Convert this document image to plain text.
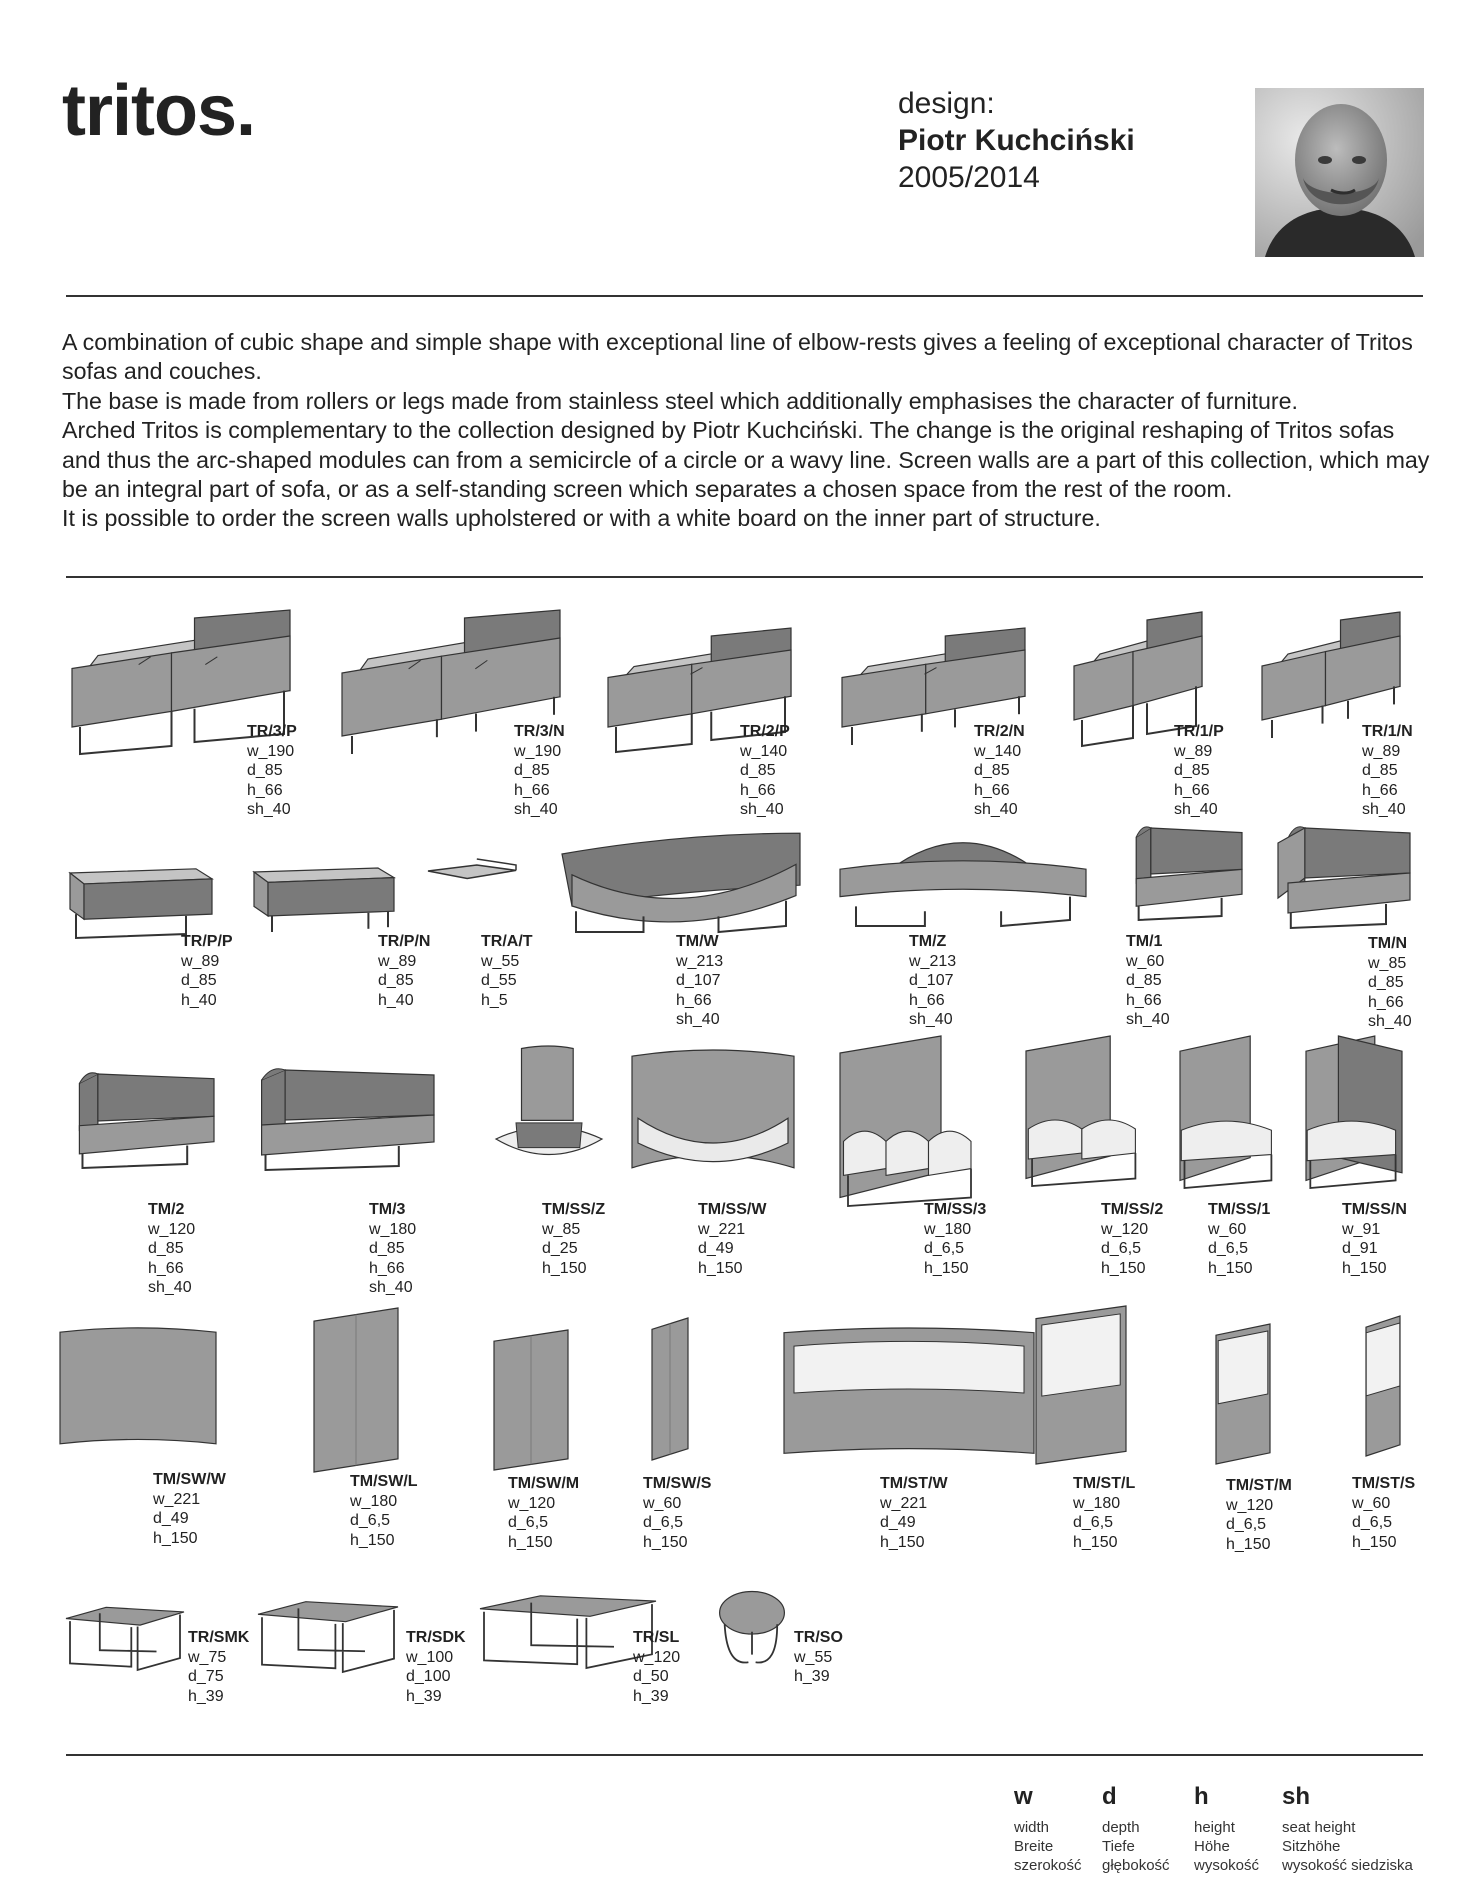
tritos.	design:
Piotr Kuchciński
2005/2014

A combination of cubic shape and simple shape with exceptional line of elbow-rests gives a feeling of exceptional character of Tritos sofas and couches.

The base is made from rollers or legs made from stainless steel which additionally emphasises the character of furniture.

Arched Tritos is complementary to the collection designed by Piotr Kuchciński. The change is the original reshaping of Tritos sofas and thus the arc-shaped modules can from a semicircle of a circle or a wavy line. Screen walls are a part of this collection, which may be an integral part of sofa, or as a self-standing screen which separates a chosen space from the rest of the room.

It is possible to order the screen walls upholstered or with a white board on the inner part of structure.

TR/3/P
w_190
d_85
h_66
sh_40
TR/3/N
w_190
d_85
h_66
sh_40
TR/2/P
w_140
d_85
h_66
sh_40
TR/2/N
w_140
d_85
h_66
sh_40
TR/1/P
w_89
d_85
h_66
sh_40
TR/1/N
w_89
d_85
h_66
sh_40
TR/P/P
w_89
d_85
h_40
TR/P/N
w_89
d_85
h_40
TR/A/T
w_55
d_55
h_5
TM/W
w_213
d_107
h_66
sh_40
TM/Z
w_213
d_107
h_66
sh_40
TM/1
w_60
d_85
h_66
sh_40
TM/N
w_85
d_85
h_66
sh_40
TM/2
w_120
d_85
h_66
sh_40
TM/3
w_180
d_85
h_66
sh_40
TM/SS/Z
w_85
d_25
h_150
TM/SS/W
w_221
d_49
h_150
TM/SS/3
w_180
d_6,5
h_150
TM/SS/2
w_120
d_6,5
h_150
TM/SS/1
w_60
d_6,5
h_150
TM/SS/N
w_91
d_91
h_150
TM/SW/W
w_221
d_49
h_150
TM/SW/L
w_180
d_6,5
h_150
TM/SW/M
w_120
d_6,5
h_150
TM/SW/S
w_60
d_6,5
h_150
TM/ST/W
w_221
d_49
h_150
TM/ST/L
w_180
d_6,5
h_150
TM/ST/M
w_120
d_6,5
h_150
TM/ST/S
w_60
d_6,5
h_150
TR/SMK
w_75
d_75
h_39
TR/SDK
w_100
d_100
h_39
TR/SL
w_120
d_50
h_39
TR/SO
w_55
h_39
w
width
Breite
szerokość
d
depth
Tiefe
głębokość
h
height
Höhe
wysokość
sh
seat height
Sitzhöhe
wysokość siedziska
